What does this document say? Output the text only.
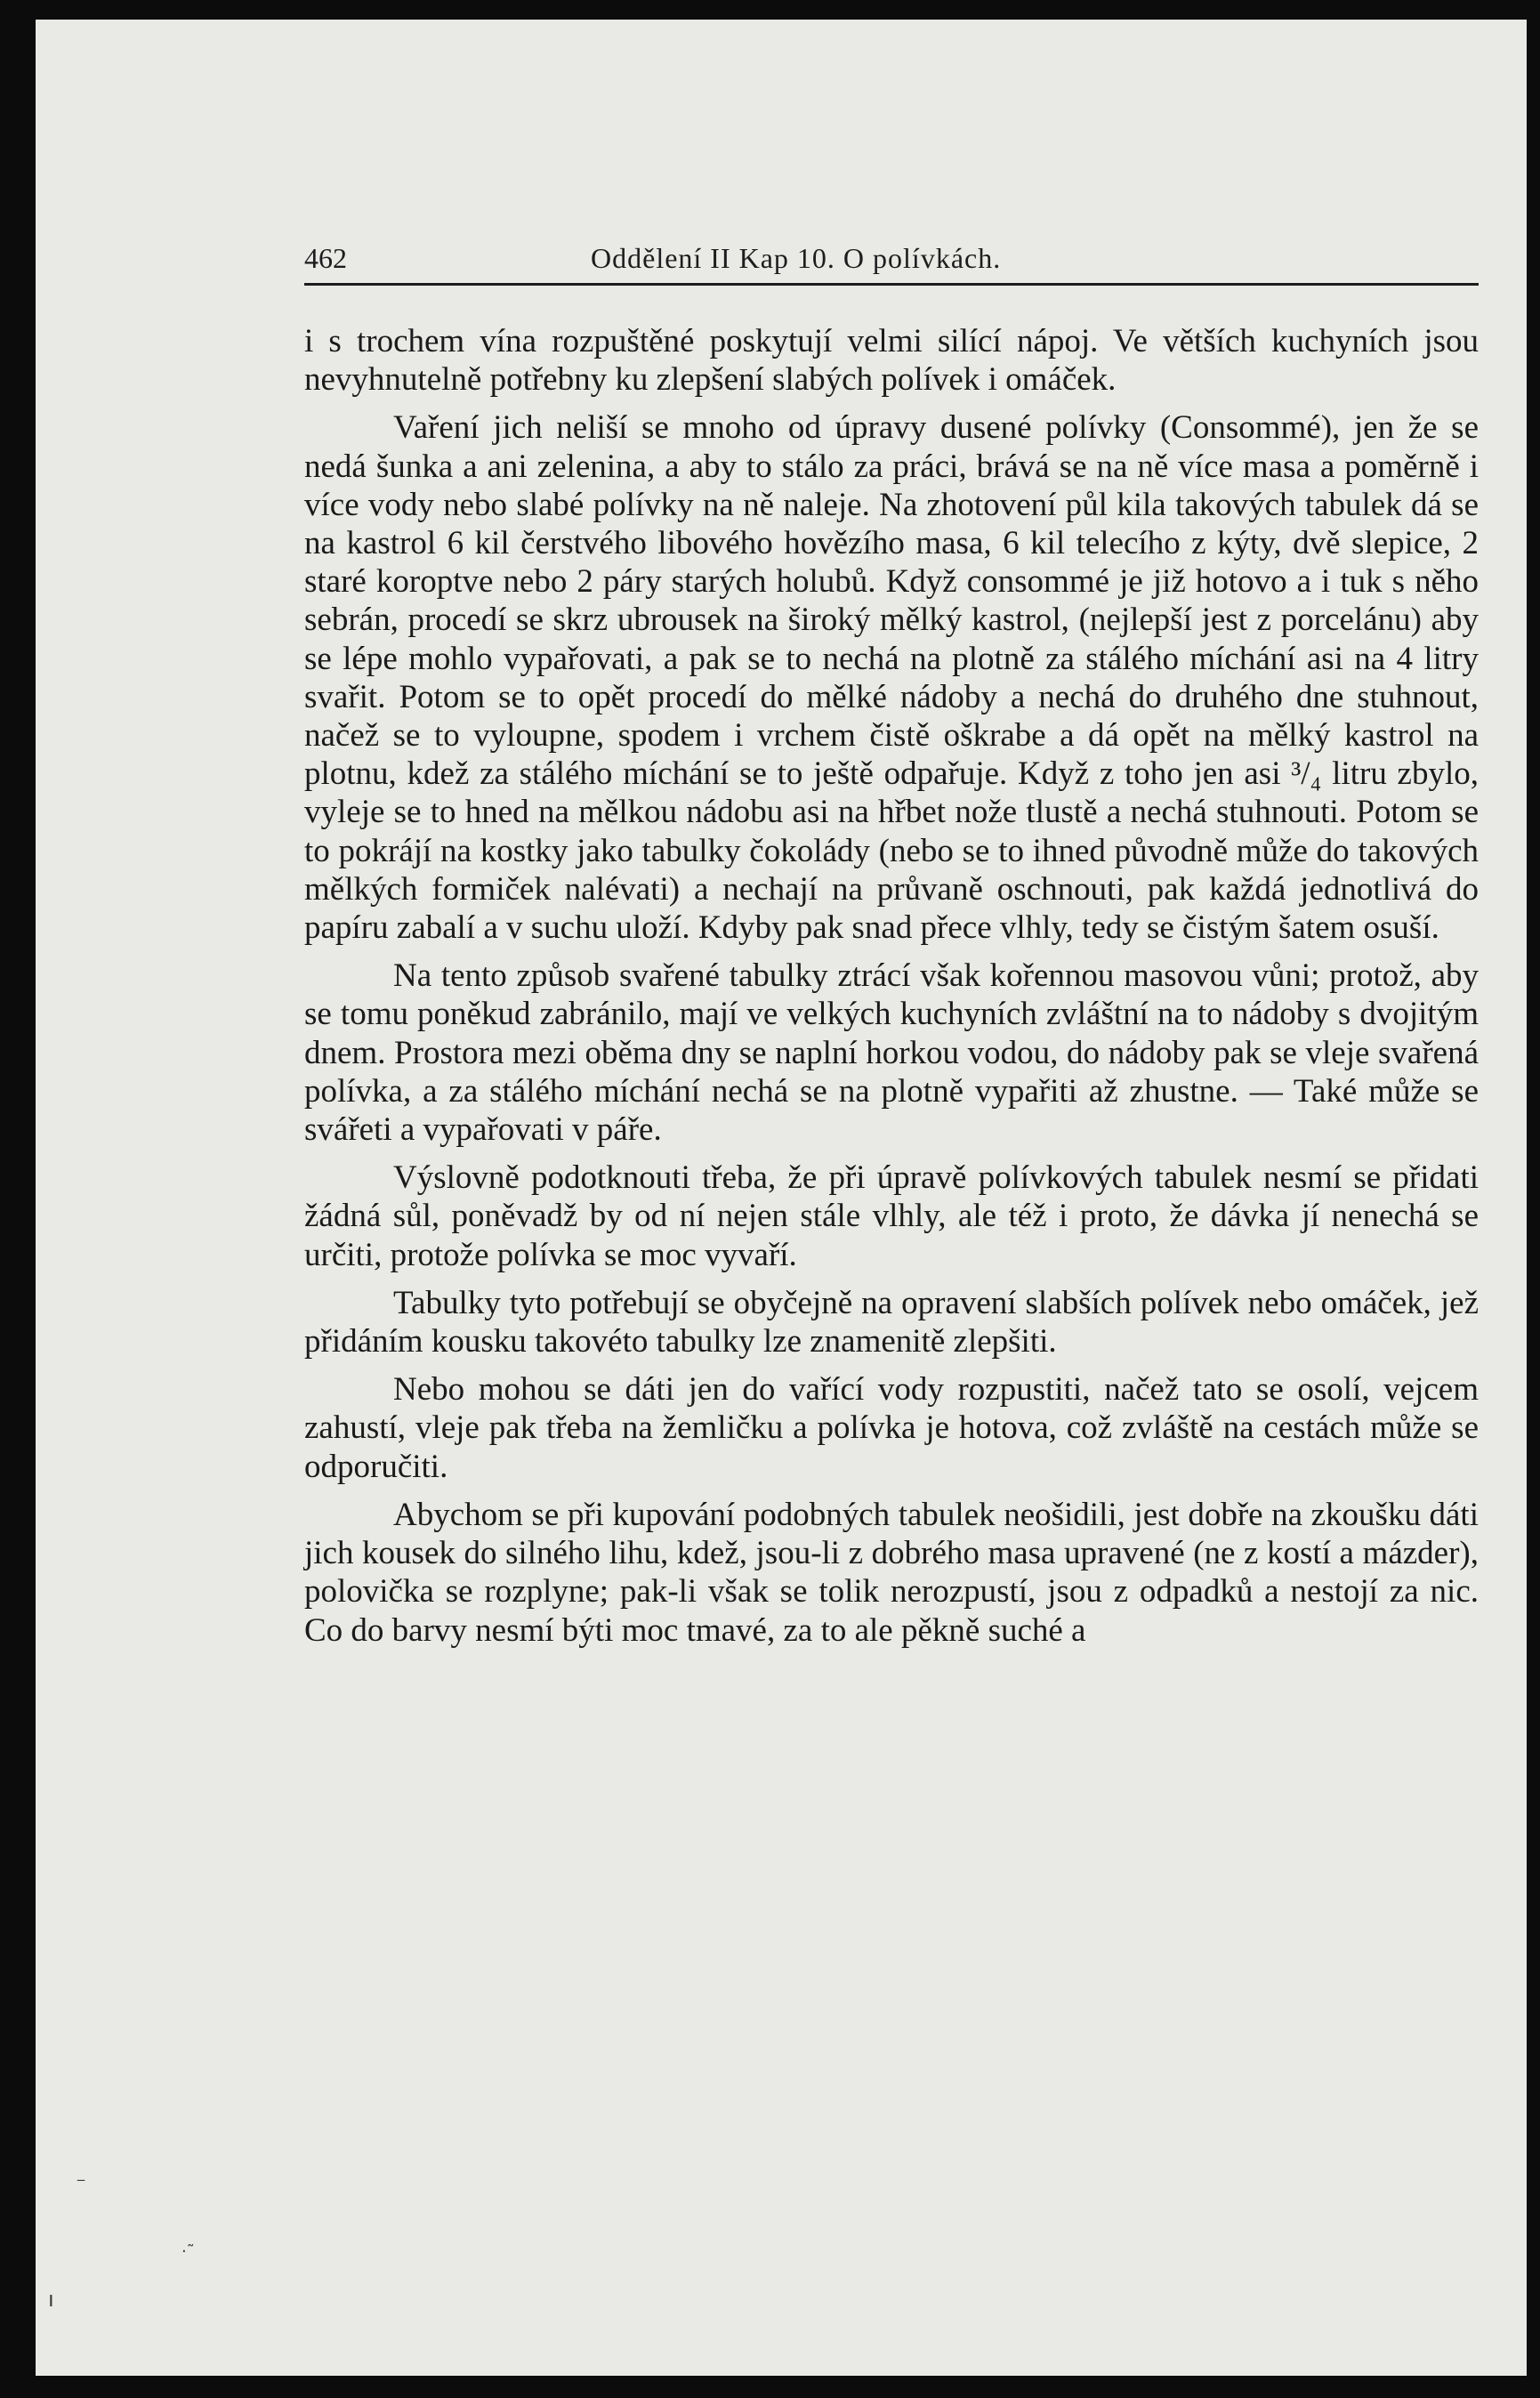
462	Oddělení II Kap 10. O polívkách.

i s trochem vína rozpuštěné poskytují velmi silící nápoj. Ve větších kuchyních jsou nevyhnutelně potřebny ku zlepšení slabých polívek i omáček.

Vaření jich neliší se mnoho od úpravy dusené polívky (Consommé), jen že se nedá šunka a ani zelenina, a aby to stálo za práci, brává se na ně více masa a poměrně i více vody nebo slabé polívky na ně naleje. Na zhotovení půl kila takových tabulek dá se na kastrol 6 kil čerstvého libového hovězího masa, 6 kil telecího z kýty, dvě slepice, 2 staré koroptve nebo 2 páry starých holubů. Když consommé je již hotovo a i tuk s něho sebrán, procedí se skrz ubrousek na široký mělký kastrol, (nejlepší jest z porcelánu) aby se lépe mohlo vypařovati, a pak se to nechá na plotně za stálého míchání asi na 4 litry svařit. Potom se to opět procedí do mělké nádoby a nechá do druhého dne stuhnout, načež se to vyloupne, spodem i vrchem čistě oškrabe a dá opět na mělký kastrol na plotnu, kdež za stálého míchání se to ještě odpařuje. Když z toho jen asi ³/₄ litru zbylo, vyleje se to hned na mělkou nádobu asi na hřbet nože tlustě a nechá stuhnouti. Potom se to pokrájí na kostky jako tabulky čokolády (nebo se to ihned původně může do takových mělkých formiček nalévati) a nechají na průvaně oschnouti, pak každá jednotlivá do papíru zabalí a v suchu uloží. Kdyby pak snad přece vlhly, tedy se čistým šatem osuší.

Na tento způsob svařené tabulky ztrácí však kořennou masovou vůni; protož, aby se tomu poněkud zabránilo, mají ve velkých kuchyních zvláštní na to nádoby s dvojitým dnem. Prostora mezi oběma dny se naplní horkou vodou, do nádoby pak se vleje svařená polívka, a za stálého míchání nechá se na plotně vypařiti až zhustne. — Také může se svářeti a vypařovati v páře.

Výslovně podotknouti třeba, že při úpravě polívkových tabulek nesmí se přidati žádná sůl, poněvadž by od ní nejen stále vlhly, ale též i proto, že dávka jí nenechá se určiti, protože polívka se moc vyvaří.

Tabulky tyto potřebují se obyčejně na opravení slabších polívek nebo omáček, jež přidáním kousku takovéto tabulky lze znamenitě zlepšiti.

Nebo mohou se dáti jen do vařící vody rozpustiti, načež tato se osolí, vejcem zahustí, vleje pak třeba na žemličku a polívka je hotova, což zvláště na cestách může se odporučiti.

Abychom se při kupování podobných tabulek neošidili, jest dobře na zkoušku dáti jich kousek do silného lihu, kdež, jsou-li z dobrého masa upravené (ne z kostí a mázder), polovička se rozplyne; pak-li však se tolik nerozpustí, jsou z odpadků a nestojí za nic. Co do barvy nesmí býti moc tmavé, za to ale pěkně suché a

‒
·˜
ı
